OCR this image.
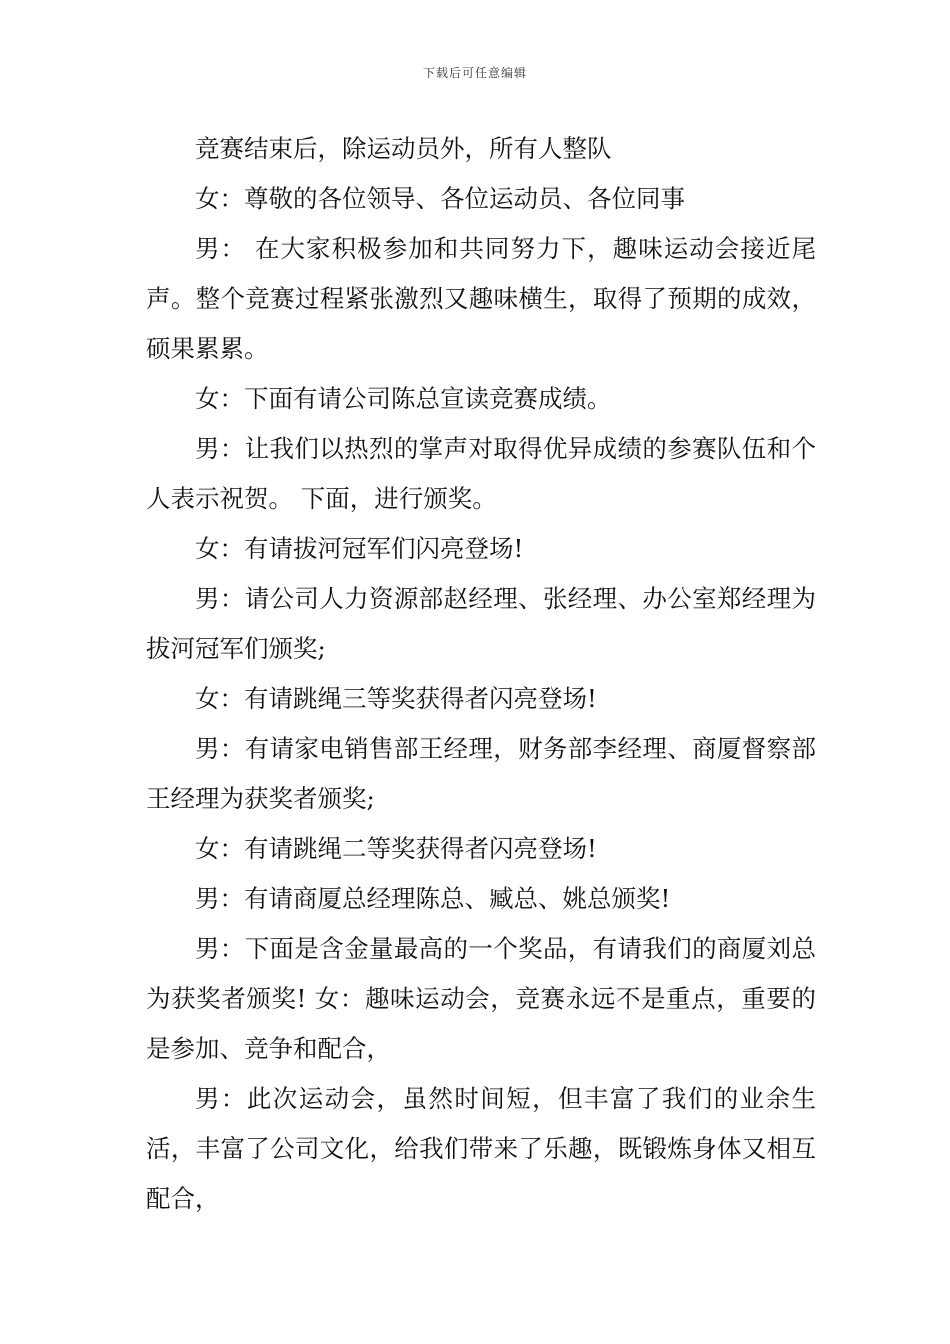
下载后可任意编辑

竞赛结束后，除运动员外，所有人整队

女：尊敬的各位领导、各位运动员、各位同事

男： 在大家积极参加和共同努力下，趣味运动会接近尾声。整个竞赛过程紧张激烈又趣味横生，取得了预期的成效，硕果累累。

女：下面有请公司陈总宣读竞赛成绩。

男：让我们以热烈的掌声对取得优异成绩的参赛队伍和个人表示祝贺。 下面，进行颁奖。

女：有请拔河冠军们闪亮登场!

男：请公司人力资源部赵经理、张经理、办公室郑经理为拔河冠军们颁奖;

女：有请跳绳三等奖获得者闪亮登场!

男：有请家电销售部王经理，财务部李经理、商厦督察部王经理为获奖者颁奖;

女：有请跳绳二等奖获得者闪亮登场!

男：有请商厦总经理陈总、臧总、姚总颁奖!

男：下面是含金量最高的一个奖品，有请我们的商厦刘总为获奖者颁奖! 女：趣味运动会，竞赛永远不是重点，重要的是参加、竞争和配合，

男：此次运动会，虽然时间短，但丰富了我们的业余生活，丰富了公司文化，给我们带来了乐趣，既锻炼身体又相互配合，
